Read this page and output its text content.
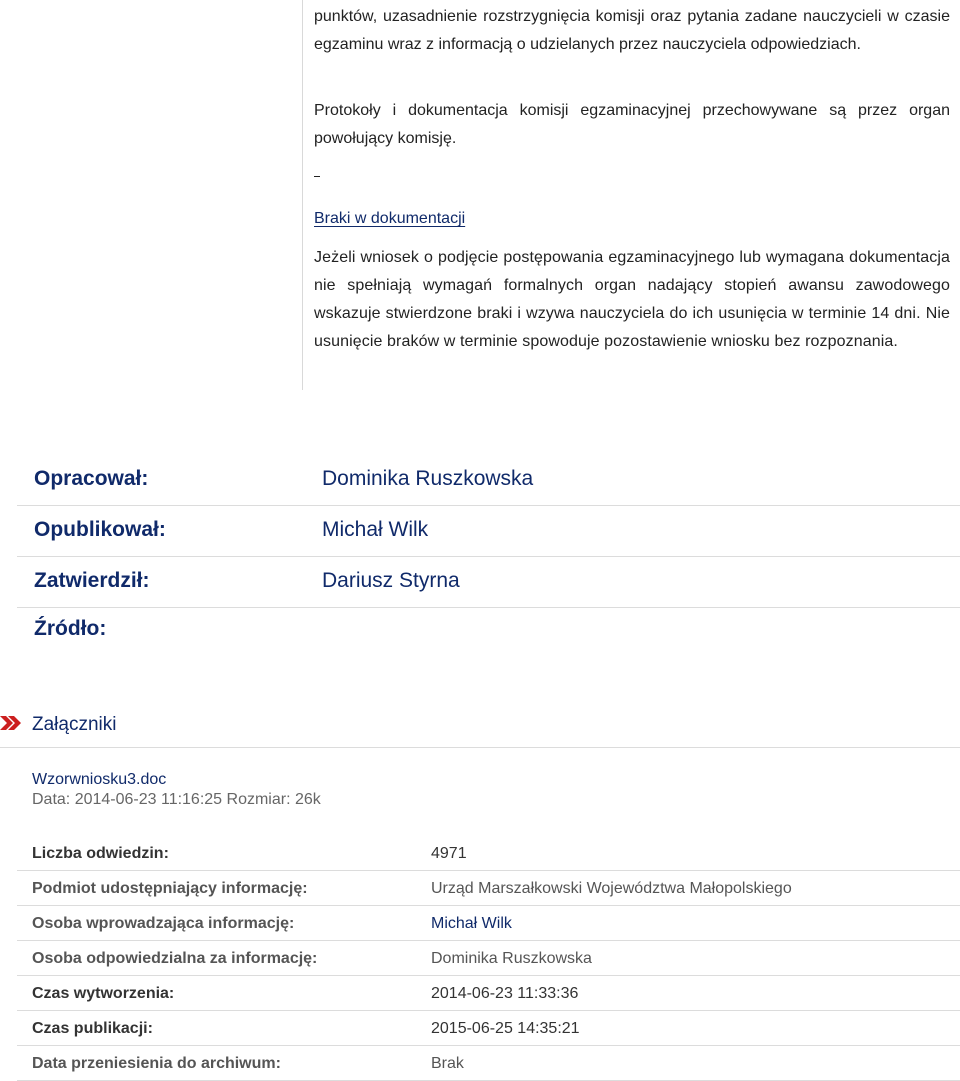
punktów, uzasadnienie rozstrzygnięcia komisji oraz pytania zadane nauczycieli w czasie egzaminu wraz z informacją o udzielanych przez nauczyciela odpowiedziach.

Protokoły i dokumentacja komisji egzaminacyjnej przechowywane są przez organ powołujący komisję.

Braki w dokumentacji

Jeżeli wniosek o podjęcie postępowania egzaminacyjnego lub wymagana dokumentacja nie spełniają wymagań formalnych organ nadający stopień awansu zawodowego wskazuje stwierdzone braki i wzywa nauczyciela do ich usunięcia w terminie 14 dni. Nie usunięcie braków w terminie spowoduje pozostawienie wniosku bez rozpoznania.

Opracował:	Dominika Ruszkowska
Opublikował:	Michał Wilk
Zatwierdził:	Dariusz Styrna
Źródło:
Załączniki
Wzorwniosku3.doc
Data: 2014-06-23 11:16:25 Rozmiar: 26k
Liczba odwiedzin:	4971
Podmiot udostępniający informację:	Urząd Marszałkowski Województwa Małopolskiego
Osoba wprowadzająca informację:	Michał Wilk
Osoba odpowiedzialna za informację:	Dominika Ruszkowska
Czas wytworzenia:	2014-06-23 11:33:36
Czas publikacji:	2015-06-25 14:35:21
Data przeniesienia do archiwum:	Brak
